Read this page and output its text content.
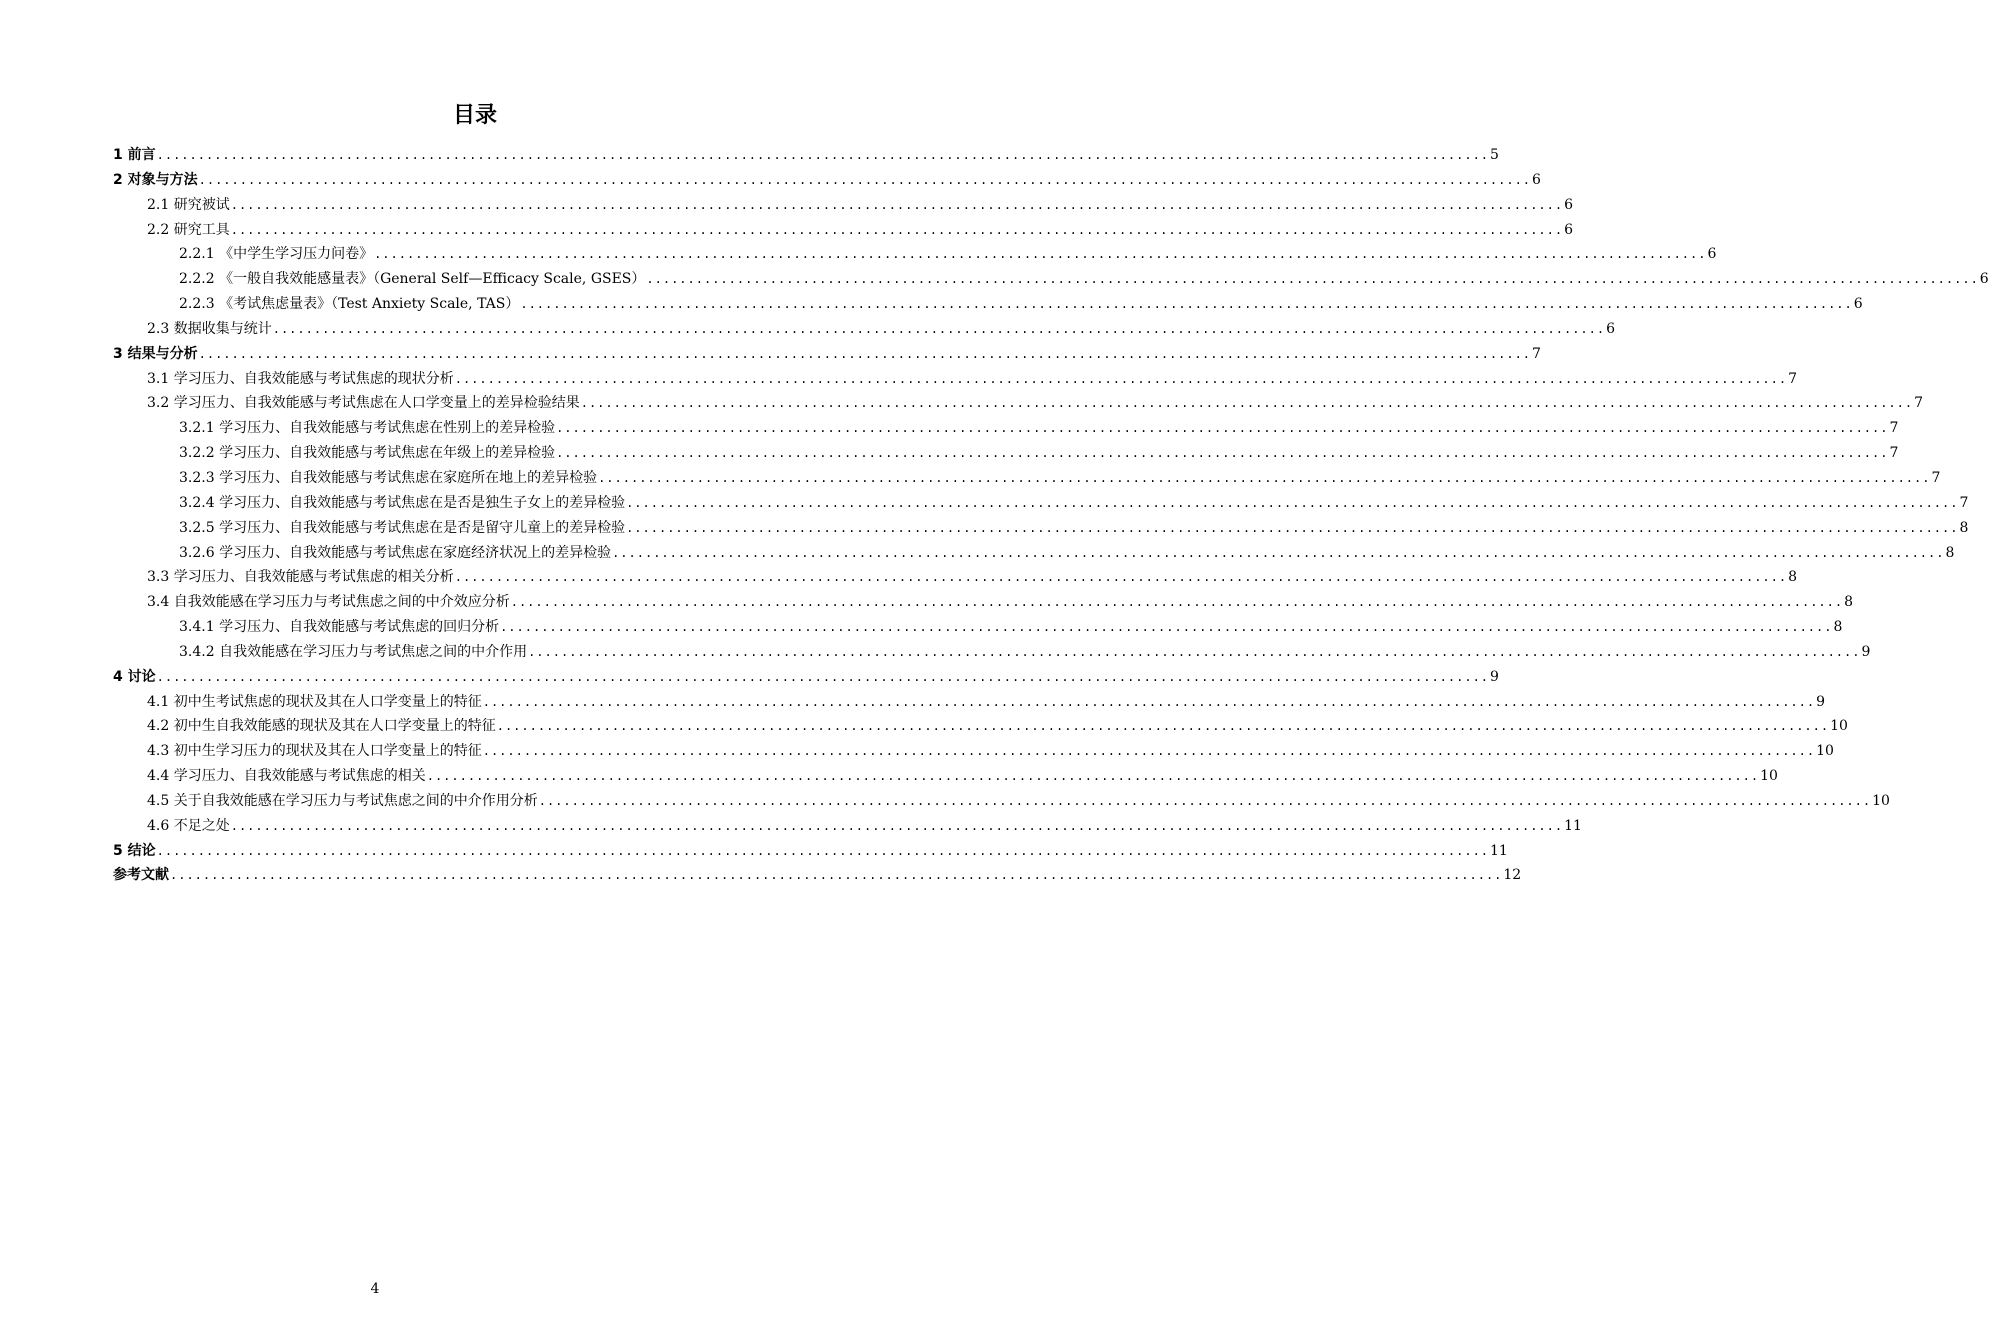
目录
1 前言 .................................................................................................................................................................. 5
2 对象与方法 .................................................................................................................................................................. 6
2.1 研究被试 .................................................................................................................................................................. 6
2.2 研究工具 .................................................................................................................................................................. 6
2.2.1 《中学生学习压力问卷》 .................................................................................................................................................................. 6
2.2.2 《一般自我效能感量表》（General Self—Efficacy Scale, GSES） .................................................................................................................................................................. 6
2.2.3 《考试焦虑量表》（Test Anxiety Scale, TAS） .................................................................................................................................................................. 6
2.3 数据收集与统计 .................................................................................................................................................................. 6
3 结果与分析 .................................................................................................................................................................. 7
3.1 学习压力、自我效能感与考试焦虑的现状分析 .................................................................................................................................................................. 7
3.2 学习压力、自我效能感与考试焦虑在人口学变量上的差异检验结果 .................................................................................................................................................................. 7
3.2.1 学习压力、自我效能感与考试焦虑在性别上的差异检验 .................................................................................................................................................................. 7
3.2.2 学习压力、自我效能感与考试焦虑在年级上的差异检验 .................................................................................................................................................................. 7
3.2.3 学习压力、自我效能感与考试焦虑在家庭所在地上的差异检验 .................................................................................................................................................................. 7
3.2.4 学习压力、自我效能感与考试焦虑在是否是独生子女上的差异检验 .................................................................................................................................................................. 7
3.2.5 学习压力、自我效能感与考试焦虑在是否是留守儿童上的差异检验 .................................................................................................................................................................. 8
3.2.6 学习压力、自我效能感与考试焦虑在家庭经济状况上的差异检验 .................................................................................................................................................................. 8
3.3 学习压力、自我效能感与考试焦虑的相关分析 .................................................................................................................................................................. 8
3.4 自我效能感在学习压力与考试焦虑之间的中介效应分析 .................................................................................................................................................................. 8
3.4.1 学习压力、自我效能感与考试焦虑的回归分析 .................................................................................................................................................................. 8
3.4.2 自我效能感在学习压力与考试焦虑之间的中介作用 .................................................................................................................................................................. 9
4 讨论 .................................................................................................................................................................. 9
4.1 初中生考试焦虑的现状及其在人口学变量上的特征 .................................................................................................................................................................. 9
4.2 初中生自我效能感的现状及其在人口学变量上的特征 .................................................................................................................................................................. 10
4.3 初中生学习压力的现状及其在人口学变量上的特征 .................................................................................................................................................................. 10
4.4 学习压力、自我效能感与考试焦虑的相关 .................................................................................................................................................................. 10
4.5 关于自我效能感在学习压力与考试焦虑之间的中介作用分析 .................................................................................................................................................................. 10
4.6 不足之处 .................................................................................................................................................................. 11
5 结论 .................................................................................................................................................................. 11
参考文献 .................................................................................................................................................................. 12
4
